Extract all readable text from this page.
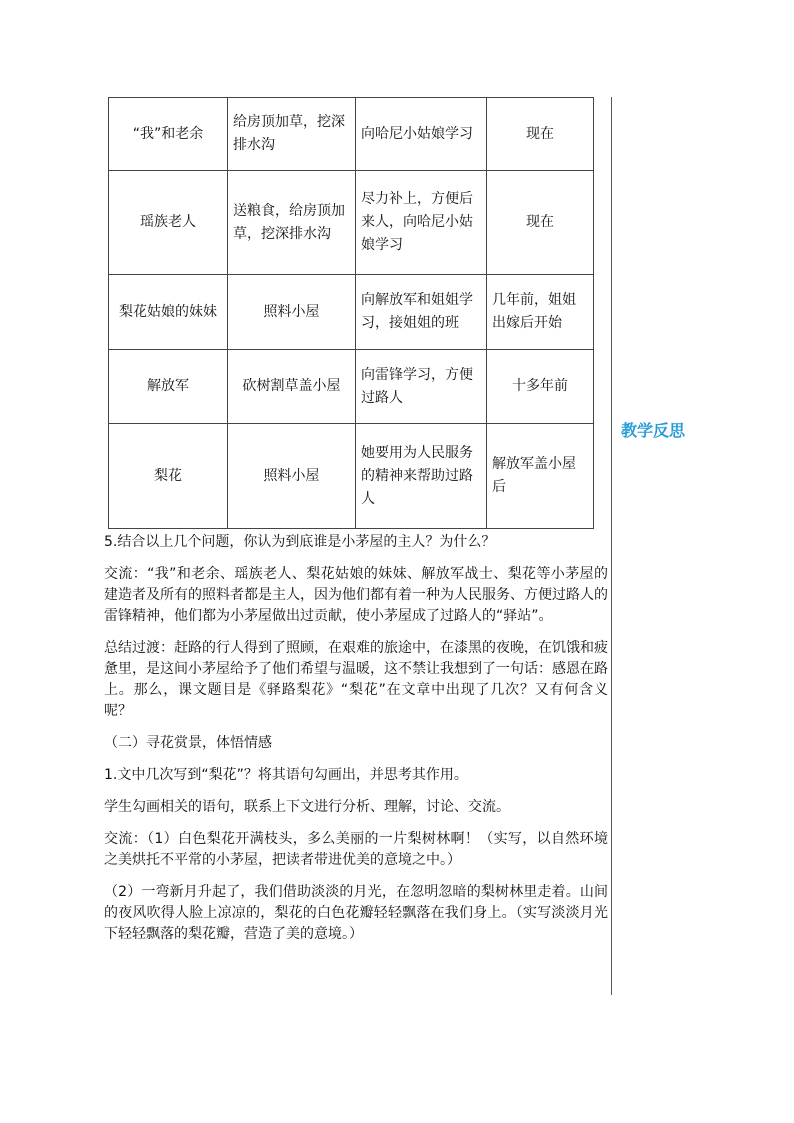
教学反思
“我”和老余	给房顶加草，挖深排水沟	向哈尼小姑娘学习	现在
瑶族老人	送粮食，给房顶加草，挖深排水沟	尽力补上，方便后来人，向哈尼小姑娘学习	现在
梨花姑娘的妹妹	照料小屋	向解放军和姐姐学习，接姐姐的班	几年前，姐姐出嫁后开始
解放军	砍树割草盖小屋	向雷锋学习，方便过路人	十多年前
梨花	照料小屋	她要用为人民服务的精神来帮助过路人	解放军盖小屋后

5.结合以上几个问题，你认为到底谁是小茅屋的主人？为什么？

交流：“我”和老余、瑶族老人、梨花姑娘的妹妹、解放军战士、梨花等小茅屋的建造者及所有的照料者都是主人，因为他们都有着一种为人民服务、方便过路人的雷锋精神，他们都为小茅屋做出过贡献，使小茅屋成了过路人的“驿站”。

总结过渡：赶路的行人得到了照顾，在艰难的旅途中，在漆黑的夜晚，在饥饿和疲惫里，是这间小茅屋给予了他们希望与温暖，这不禁让我想到了一句话：感恩在路上。那么，课文题目是《驿路梨花》“梨花”在文章中出现了几次？又有何含义呢？

（二）寻花赏景，体悟情感

1.文中几次写到“梨花”？将其语句勾画出，并思考其作用。

学生勾画相关的语句，联系上下文进行分析、理解，讨论、交流。

交流：（1）白色梨花开满枝头，多么美丽的一片梨树林啊！（实写，以自然环境之美烘托不平常的小茅屋，把读者带进优美的意境之中。）

（2）一弯新月升起了，我们借助淡淡的月光，在忽明忽暗的梨树林里走着。山间的夜风吹得人脸上凉凉的，梨花的白色花瓣轻轻飘落在我们身上。（实写淡淡月光下轻轻飘落的梨花瓣，营造了美的意境。）
